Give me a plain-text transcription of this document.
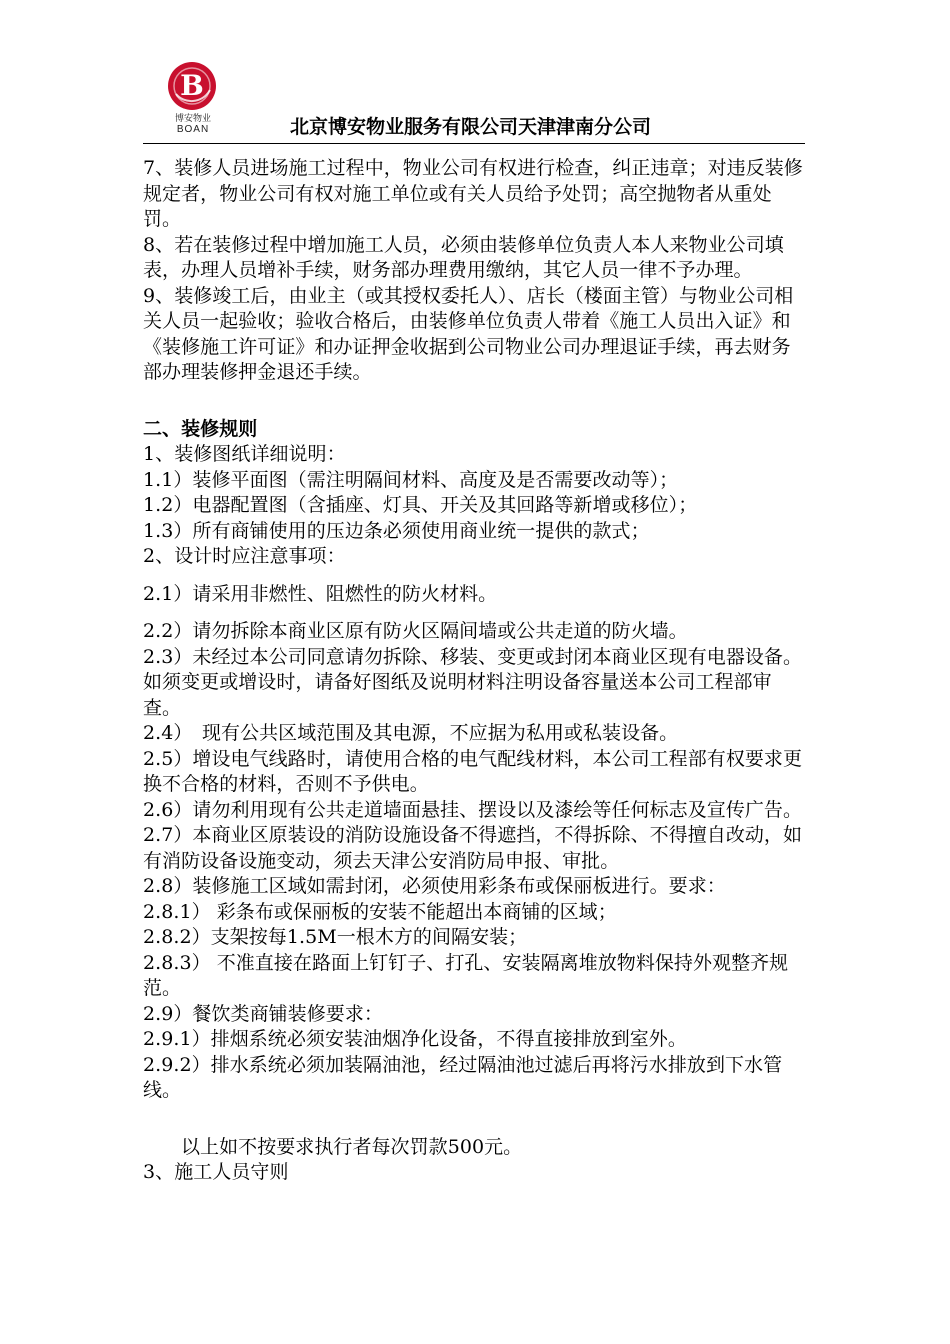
B
博安物业
BOAN	北京博安物业服务有限公司天津津南分公司

7、装修人员进场施工过程中，物业公司有权进行检查，纠正违章；对违反装修规定者，物业公司有权对施工单位或有关人员给予处罚；高空抛物者从重处罚。

8、若在装修过程中增加施工人员，必须由装修单位负责人本人来物业公司填表，办理人员增补手续，财务部办理费用缴纳，其它人员一律不予办理。

9、装修竣工后，由业主（或其授权委托人）、店长（楼面主管）与物业公司相关人员一起验收；验收合格后，由装修单位负责人带着《施工人员出入证》和《装修施工许可证》和办证押金收据到公司物业公司办理退证手续，再去财务部办理装修押金退还手续。

二、装修规则

1、装修图纸详细说明：

1.1）装修平面图（需注明隔间材料、高度及是否需要改动等）；

1.2）电器配置图（含插座、灯具、开关及其回路等新增或移位）；

1.3）所有商铺使用的压边条必须使用商业统一提供的款式；

2、设计时应注意事项：

2.1）请采用非燃性、阻燃性的防火材料。

2.2）请勿拆除本商业区原有防火区隔间墙或公共走道的防火墙。

2.3）未经过本公司同意请勿拆除、移装、变更或封闭本商业区现有电器设备。如须变更或增设时，请备好图纸及说明材料注明设备容量送本公司工程部审查。

2.4）　现有公共区域范围及其电源，不应据为私用或私装设备。

2.5）增设电气线路时，请使用合格的电气配线材料，本公司工程部有权要求更换不合格的材料，否则不予供电。

2.6）请勿利用现有公共走道墙面悬挂、摆设以及漆绘等任何标志及宣传广告。

2.7）本商业区原装设的消防设施设备不得遮挡，不得拆除、不得擅自改动，如有消防设备设施变动，须去天津公安消防局申报、审批。

2.8）装修施工区域如需封闭，必须使用彩条布或保丽板进行。要求：

2.8.1） 彩条布或保丽板的安装不能超出本商铺的区域；

2.8.2）支架按每1.5M一根木方的间隔安装；

2.8.3） 不准直接在路面上钉钉子、打孔、安装隔离堆放物料保持外观整齐规范。

2.9）餐饮类商铺装修要求：

2.9.1）排烟系统必须安装油烟净化设备，不得直接排放到室外。

2.9.2）排水系统必须加装隔油池，经过隔油池过滤后再将污水排放到下水管线。

以上如不按要求执行者每次罚款500元。

3、施工人员守则
